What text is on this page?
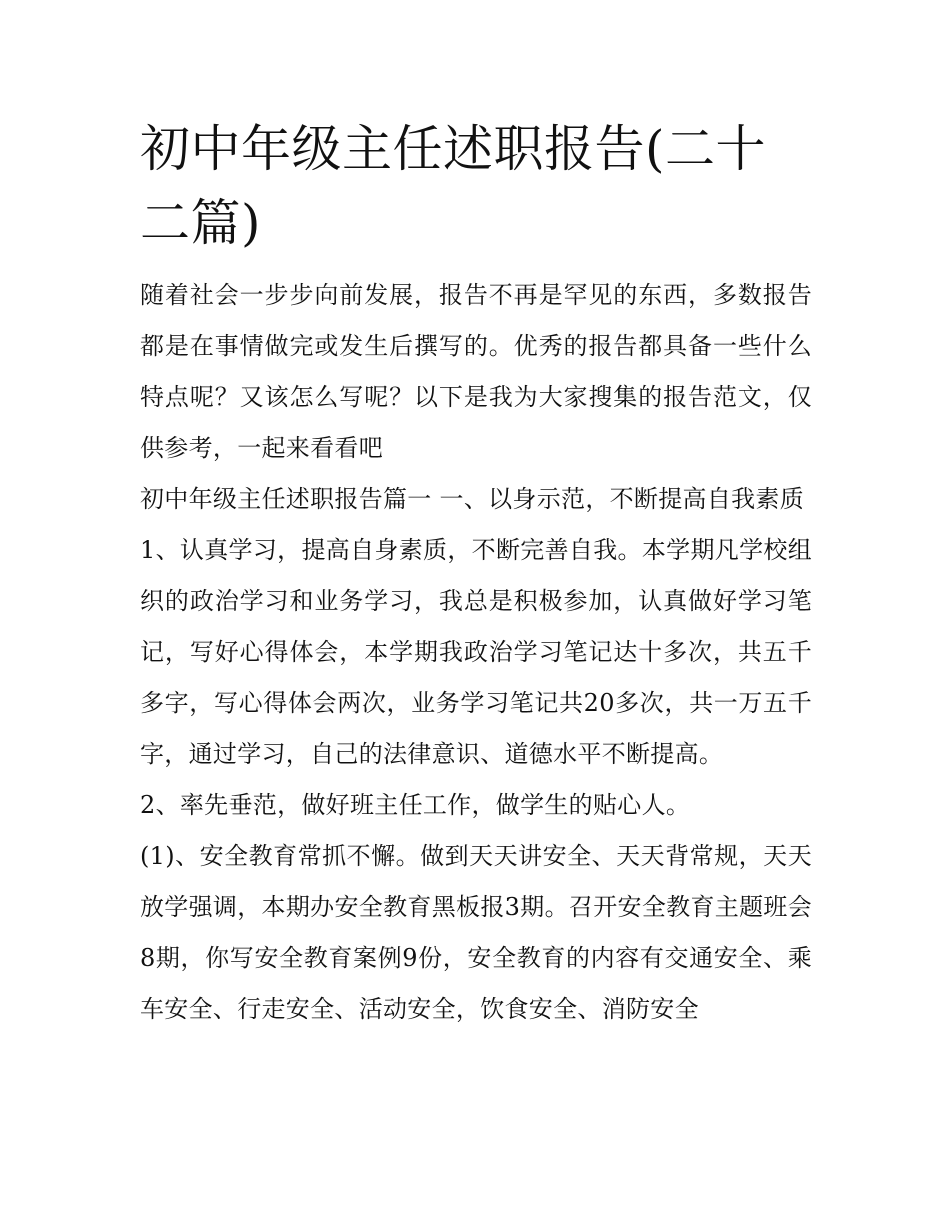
初中年级主任述职报告(二十二篇)

随着社会一步步向前发展，报告不再是罕见的东西，多数报告都是在事情做完或发生后撰写的。优秀的报告都具备一些什么特点呢？又该怎么写呢？以下是我为大家搜集的报告范文，仅供参考，一起来看看吧

初中年级主任述职报告篇一 一、以身示范，不断提高自我素质

1、认真学习，提高自身素质，不断完善自我。本学期凡学校组织的政治学习和业务学习，我总是积极参加，认真做好学习笔记，写好心得体会，本学期我政治学习笔记达十多次，共五千多字，写心得体会两次，业务学习笔记共20多次，共一万五千字，通过学习，自己的法律意识、道德水平不断提高。

2、率先垂范，做好班主任工作，做学生的贴心人。

(1)、安全教育常抓不懈。做到天天讲安全、天天背常规，天天放学强调，本期办安全教育黑板报3期。召开安全教育主题班会8期，你写安全教育案例9份，安全教育的内容有交通安全、乘车安全、行走安全、活动安全，饮食安全、消防安全
